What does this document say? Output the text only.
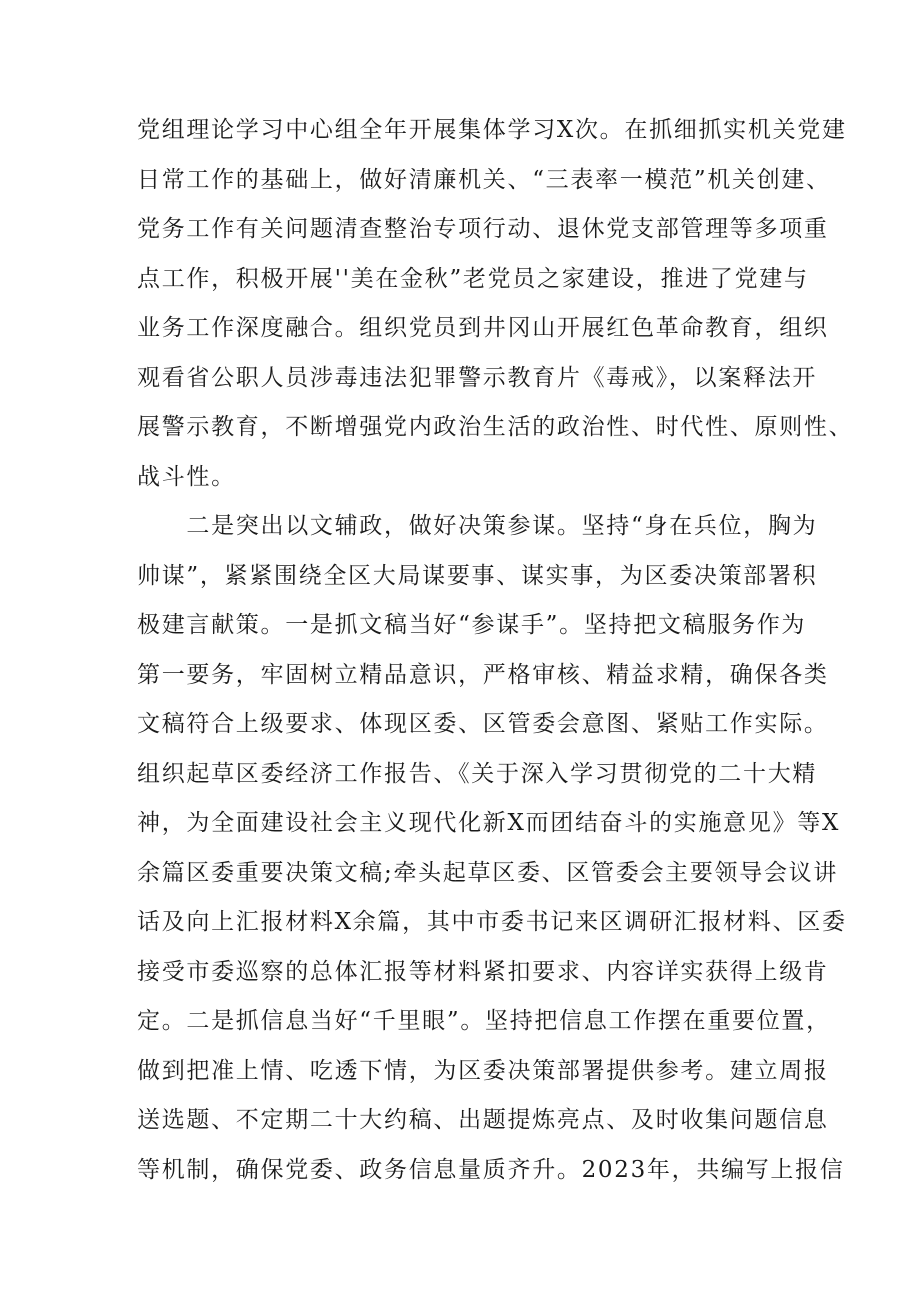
党组理论学习中心组全年开展集体学习X次。在抓细抓实机关党建
日常工作的基础上，做好清廉机关、“三表率一模范”机关创建、
党务工作有关问题清查整治专项行动、退休党支部管理等多项重
点工作，积极开展''美在金秋”老党员之家建设，推进了党建与
业务工作深度融合。组织党员到井冈山开展红色革命教育，组织
观看省公职人员涉毒违法犯罪警示教育片《毒戒》，以案释法开
展警示教育，不断增强党内政治生活的政治性、时代性、原则性、
战斗性。
　　二是突出以文辅政，做好决策参谋。坚持“身在兵位，胸为
帅谋”，紧紧围绕全区大局谋要事、谋实事，为区委决策部署积
极建言献策。一是抓文稿当好“参谋手”。坚持把文稿服务作为
第一要务，牢固树立精品意识，严格审核、精益求精，确保各类
文稿符合上级要求、体现区委、区管委会意图、紧贴工作实际。
组织起草区委经济工作报告、《关于深入学习贯彻党的二十大精
神，为全面建设社会主义现代化新X而团结奋斗的实施意见》等X
余篇区委重要决策文稿;牵头起草区委、区管委会主要领导会议讲
话及向上汇报材料X余篇，其中市委书记来区调研汇报材料、区委
接受市委巡察的总体汇报等材料紧扣要求、内容详实获得上级肯
定。二是抓信息当好“千里眼”。坚持把信息工作摆在重要位置，
做到把准上情、吃透下情，为区委决策部署提供参考。建立周报
送选题、不定期二十大约稿、出题提炼亮点、及时收集问题信息
等机制，确保党委、政务信息量质齐升。2023年，共编写上报信
